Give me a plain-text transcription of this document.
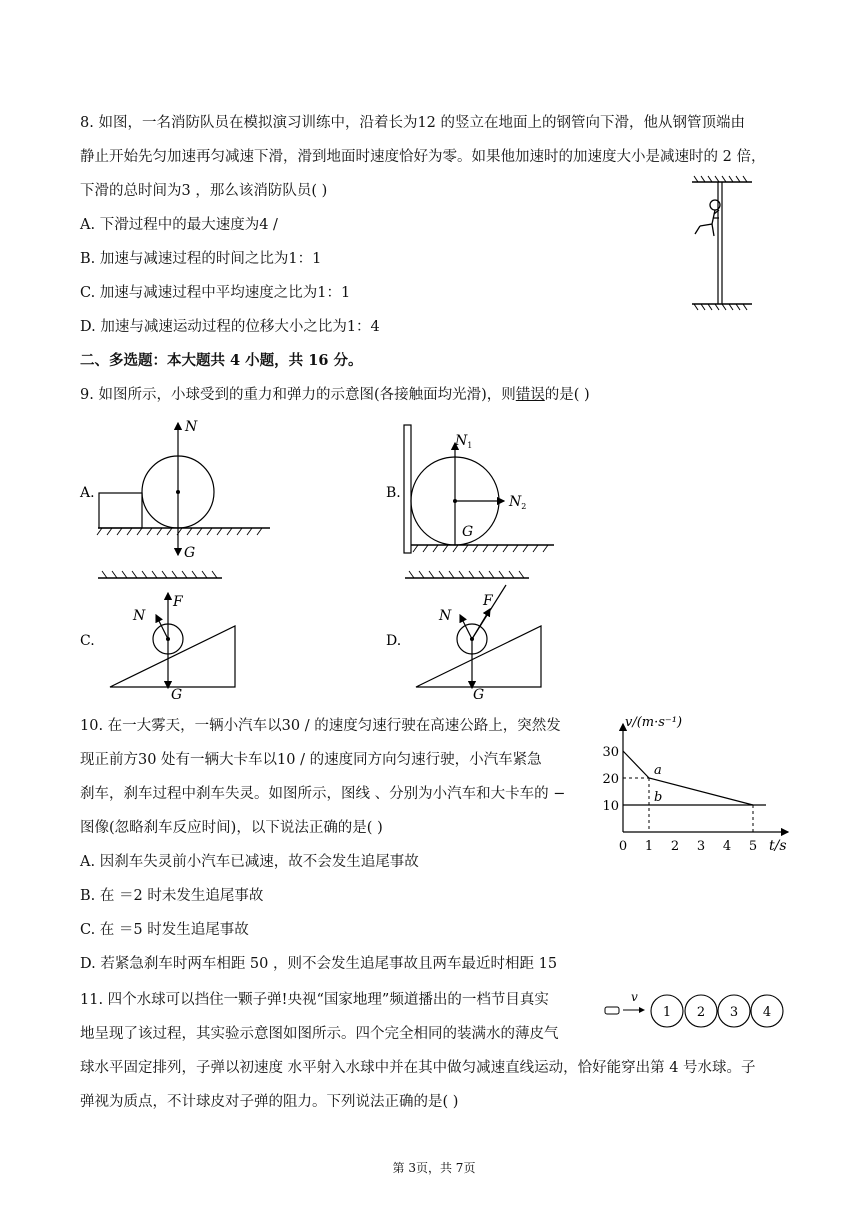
8. 如图，一名消防队员在模拟演习训练中，沿着长为12 的竖立在地面上的钢管向下滑，他从钢管顶端由
静止开始先匀加速再匀减速下滑，滑到地面时速度恰好为零。如果他加速时的加速度大小是减速时的 2 倍，
下滑的总时间为3 ，那么该消防队员( )
A. 下滑过程中的最大速度为4 /
B. 加速与减速过程的时间之比为1：1
C. 加速与减速过程中平均速度之比为1：1
D. 加速与减速运动过程的位移大小之比为1：4
二、多选题：本大题共 4 小题，共 16 分。
9. 如图所示，小球受到的重力和弹力的示意图(各接触面均光滑)，则错误的是( )
A.
N
G
B.
$N_1$
$N_2$
G
C.
F
N
G
D.
F
N
G
10. 在一大雾天，一辆小汽车以30 / 的速度匀速行驶在高速公路上，突然发
现正前方30 处有一辆大卡车以10 / 的速度同方向匀速行驶，小汽车紧急
刹车，刹车过程中刹车失灵。如图所示，图线 、分别为小汽车和大卡车的 −
图像(忽略刹车反应时间)，以下说法正确的是( )
A. 因刹车失灵前小汽车已减速，故不会发生追尾事故
B. 在 ＝2 时未发生追尾事故
C. 在 ＝5 时发生追尾事故
D. 若紧急刹车时两车相距 50 ，则不会发生追尾事故且两车最近时相距 15
v/(m·s⁻¹)
t/s
0 1 2 3 4 5
10
20
30
a
b
11. 四个水球可以挡住一颗子弹!央视“国家地理”频道播出的一档节目真实
地呈现了该过程，其实验示意图如图所示。四个完全相同的装满水的薄皮气
球水平固定排列，子弹以初速度 水平射入水球中并在其中做匀减速直线运动，恰好能穿出第 4 号水球。子
弹视为质点，不计球皮对子弹的阻力。下列说法正确的是( )
v
1 2 3 4
第 3页，共 7页
